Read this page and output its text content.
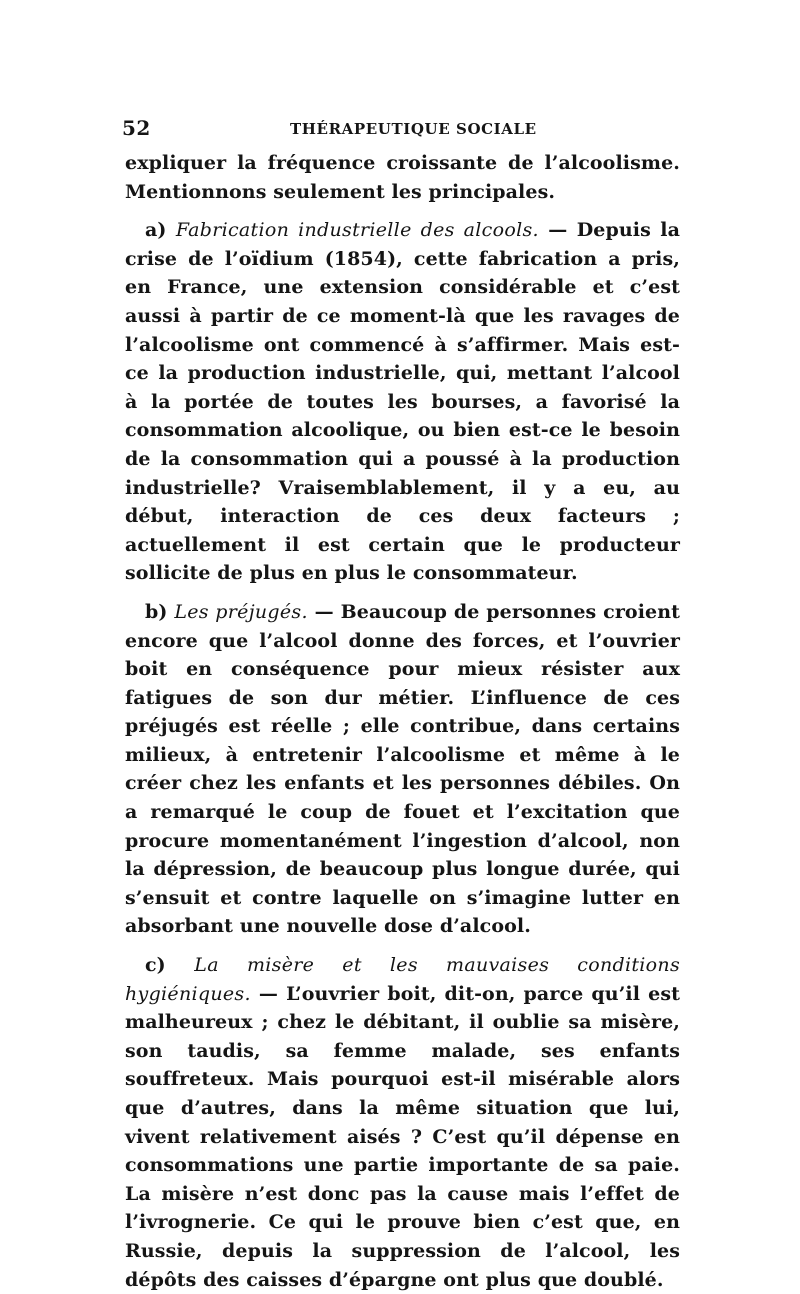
52	THÉRAPEUTIQUE SOCIALE

expliquer la fréquence croissante de l’alcoolisme. Mentionnons seulement les principales.

a) Fabrication industrielle des alcools. — Depuis la crise de l’oïdium (1854), cette fabrication a pris, en France, une extension considérable et c’est aussi à partir de ce moment-là que les ravages de l’alcoolisme ont commencé à s’affirmer. Mais est-ce la production industrielle, qui, mettant l’alcool à la portée de toutes les bourses, a favorisé la consommation alcoolique, ou bien est-ce le besoin de la consommation qui a poussé à la production industrielle? Vraisemblablement, il y a eu, au début, interaction de ces deux facteurs ; actuellement il est certain que le producteur sollicite de plus en plus le consommateur.

b) Les préjugés. — Beaucoup de personnes croient encore que l’alcool donne des forces, et l’ouvrier boit en conséquence pour mieux résister aux fatigues de son dur métier. L’influence de ces préjugés est réelle ; elle contribue, dans certains milieux, à entretenir l’alcoolisme et même à le créer chez les enfants et les personnes débiles. On a remarqué le coup de fouet et l’excitation que procure momentanément l’ingestion d’alcool, non la dépression, de beaucoup plus longue durée, qui s’ensuit et contre laquelle on s’imagine lutter en absorbant une nouvelle dose d’alcool.

c) La misère et les mauvaises conditions hygiéniques. — L’ouvrier boit, dit-on, parce qu’il est malheureux ; chez le débitant, il oublie sa misère, son taudis, sa femme malade, ses enfants souffreteux. Mais pourquoi est-il misérable alors que d’autres, dans la même situation que lui, vivent relativement aisés ? C’est qu’il dépense en consommations une partie importante de sa paie. La misère n’est donc pas la cause mais l’effet de l’ivrognerie. Ce qui le prouve bien c’est que, en Russie, depuis la suppression de l’alcool, les dépôts des caisses d’épargne ont plus que doublé.
